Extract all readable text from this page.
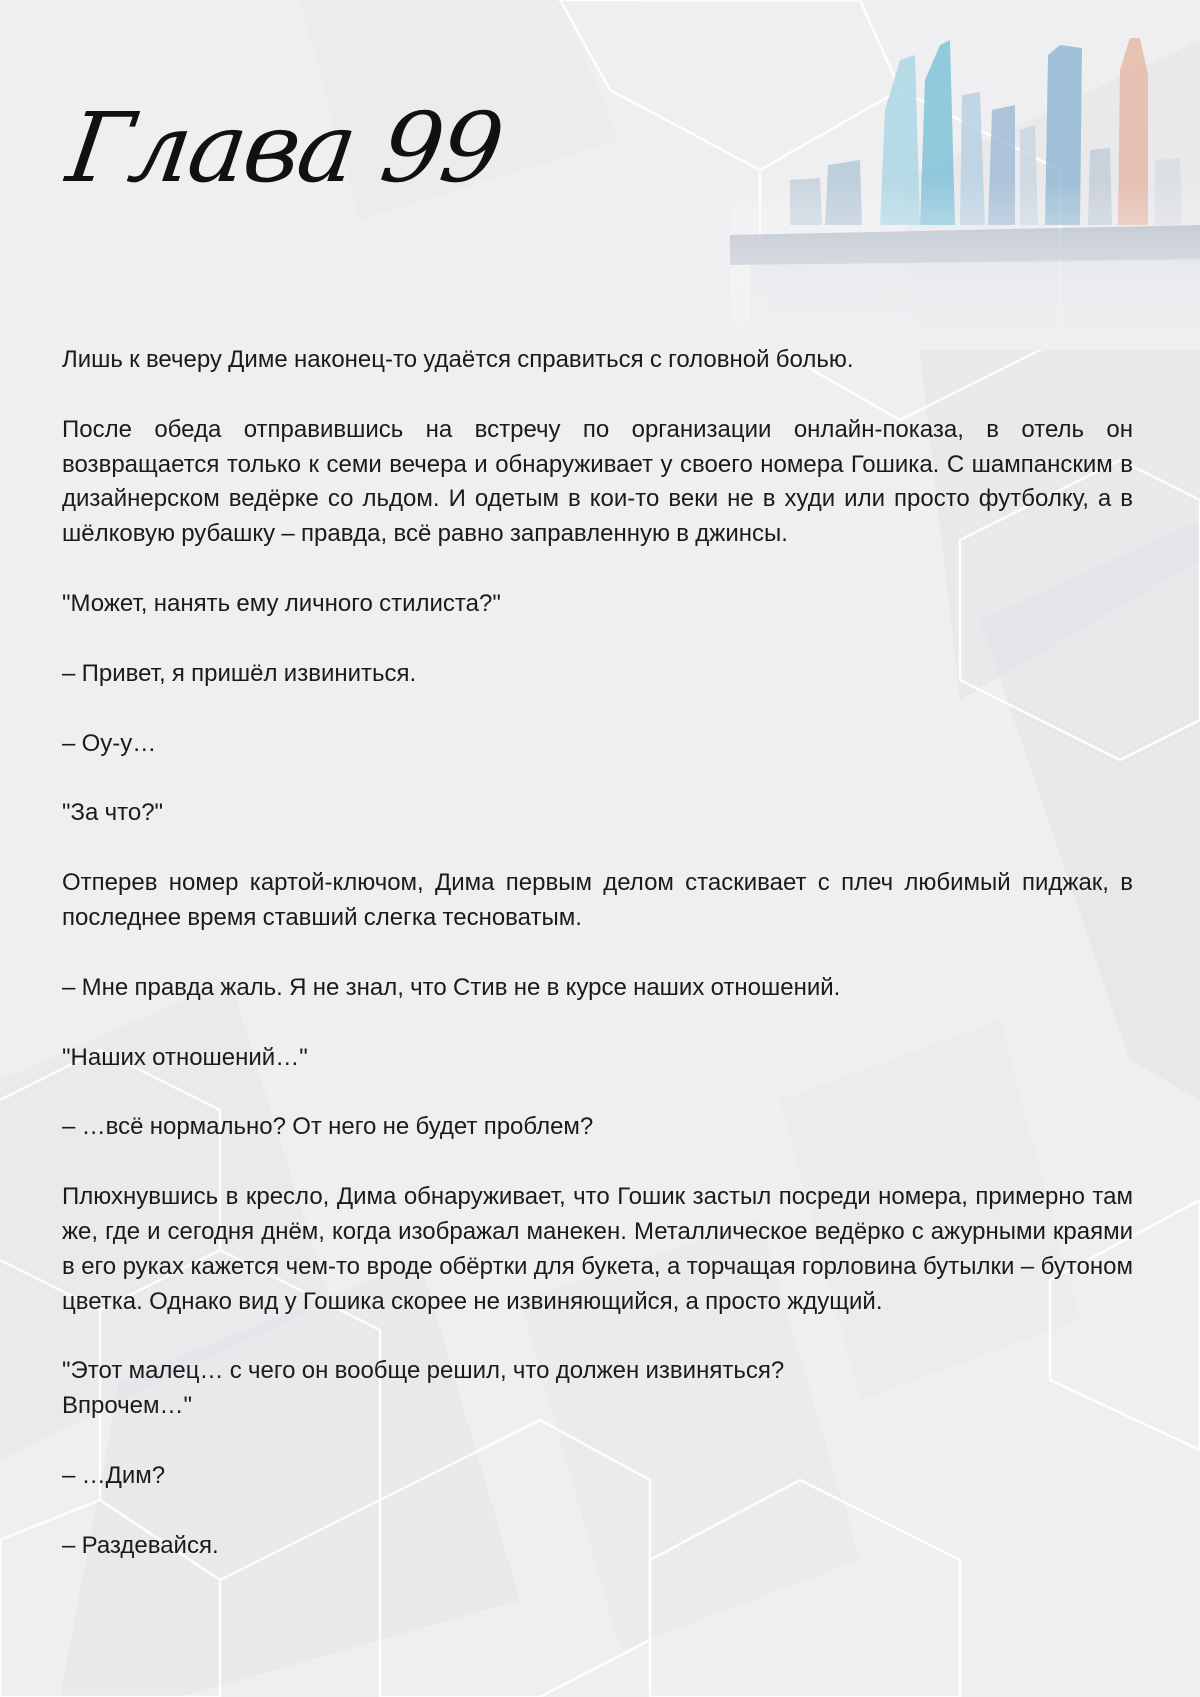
Глава 99

Лишь к вечеру Диме наконец-то удаётся справиться с головной болью.

После обеда отправившись на встречу по организации онлайн-показа, в отель он возвращается только к семи вечера и обнаруживает у своего номера Гошика. С шампанским в дизайнерском ведёрке со льдом. И одетым в кои-то веки не в худи или просто футболку, а в шёлковую рубашку – правда, всё равно заправленную в джинсы.

"Может, нанять ему личного стилиста?"

– Привет, я пришёл извиниться.

– Оу-у…

"За что?"

Отперев номер картой-ключом, Дима первым делом стаскивает с плеч любимый пиджак, в последнее время ставший слегка тесноватым.

– Мне правда жаль. Я не знал, что Стив не в курсе наших отношений.

"Наших отношений…"

– …всё нормально? От него не будет проблем?

Плюхнувшись в кресло, Дима обнаруживает, что Гошик застыл посреди номера, примерно там же, где и сегодня днём, когда изображал манекен. Металлическое ведёрко с ажурными краями в его руках кажется чем-то вроде обёртки для букета, а торчащая горловина бутылки – бутоном цветка. Однако вид у Гошика скорее не извиняющийся, а просто ждущий.

"Этот малец… с чего он вообще решил, что должен извиняться?
Впрочем…"

– …Дим?

– Раздевайся.
